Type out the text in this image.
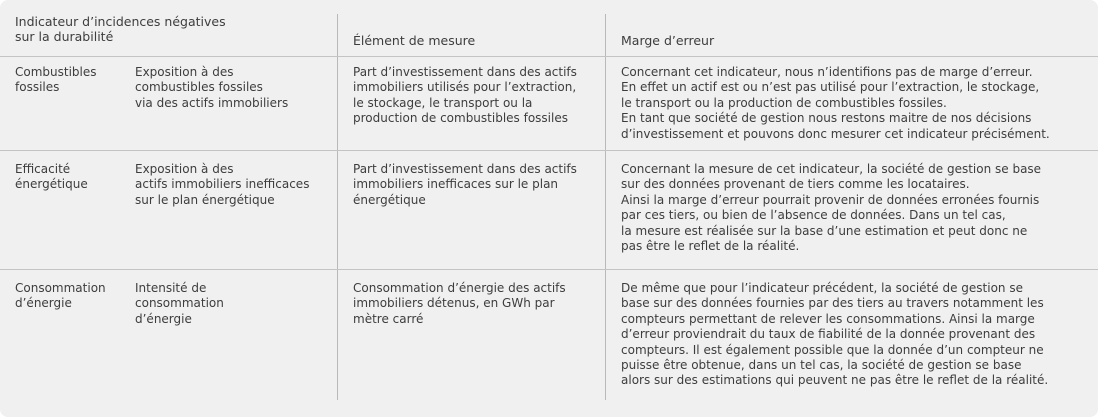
Indicateur d’incidences négatives
sur la durabilité	Élément de mesure	Marge d’erreur
Combustibles
fossiles
Exposition à des
combustibles fossiles
via des actifs immobiliers
Part d’investissement dans des actifs
immobiliers utilisés pour l’extraction,
le stockage, le transport ou la
production de combustibles fossiles
Concernant cet indicateur, nous n’identifions pas de marge d’erreur.
En effet un actif est ou n’est pas utilisé pour l’extraction, le stockage,
le transport ou la production de combustibles fossiles.
En tant que société de gestion nous restons maitre de nos décisions
d’investissement et pouvons donc mesurer cet indicateur précisément.
Efficacité
énergétique
Exposition à des
actifs immobiliers inefficaces
sur le plan énergétique
Part d’investissement dans des actifs
immobiliers inefficaces sur le plan
énergétique
Concernant la mesure de cet indicateur, la société de gestion se base
sur des données provenant de tiers comme les locataires.
Ainsi la marge d’erreur pourrait provenir de données erronées fournis
par ces tiers, ou bien de l’absence de données. Dans un tel cas,
la mesure est réalisée sur la base d’une estimation et peut donc ne
pas être le reflet de la réalité.
Consommation
d’énergie
Intensité de
consommation
d’énergie
Consommation d’énergie des actifs
immobiliers détenus, en GWh par
mètre carré
De même que pour l’indicateur précédent, la société de gestion se
base sur des données fournies par des tiers au travers notamment les
compteurs permettant de relever les consommations. Ainsi la marge
d’erreur proviendrait du taux de fiabilité de la donnée provenant des
compteurs. Il est également possible que la donnée d’un compteur ne
puisse être obtenue, dans un tel cas, la société de gestion se base
alors sur des estimations qui peuvent ne pas être le reflet de la réalité.
